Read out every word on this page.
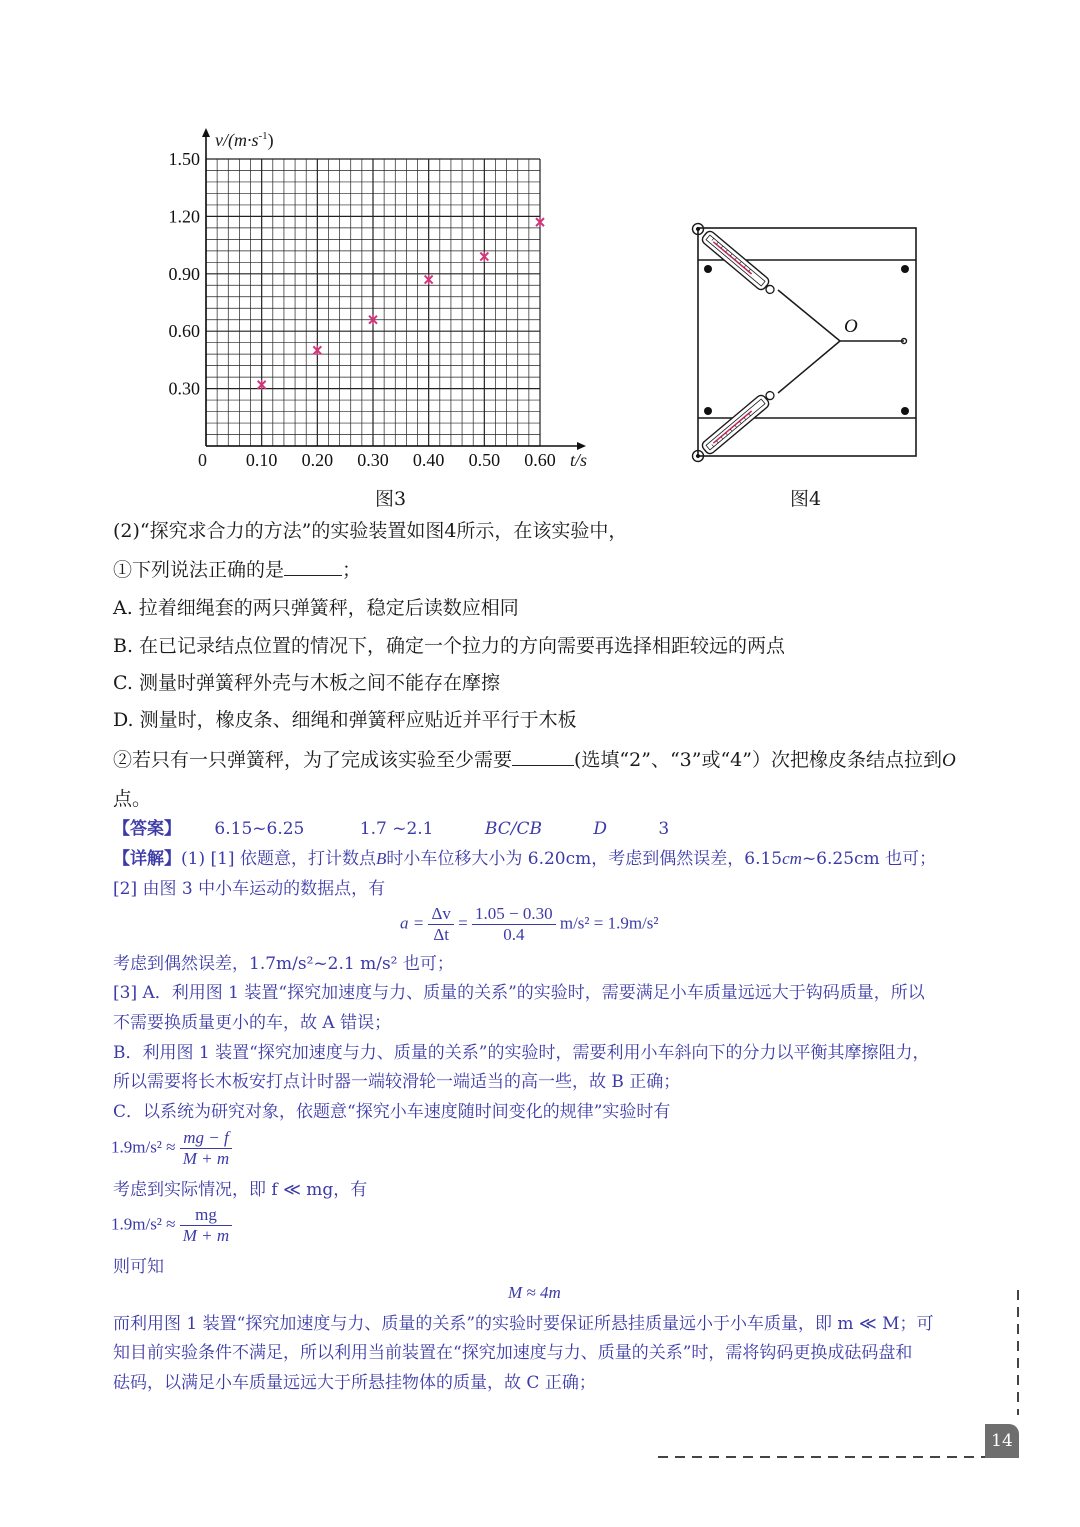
0.10 0.20 0.30 0.40 0.50 0.60
0.30
0.60
0.90
1.20
1.50
$v/(m\cdot s^{-1})$
t/s
0
图3
O
图4
(2)“探究求合力的方法”的实验装置如图4所示，在该实验中，
①下列说法正确的是	；
A. 拉着细绳套的两只弹簧秤，稳定后读数应相同
B. 在已记录结点位置的情况下，确定一个拉力的方向需要再选择相距较远的两点
C. 测量时弹簧秤外壳与木板之间不能存在摩擦
D. 测量时，橡皮条、细绳和弹簧秤应贴近并平行于木板
②若只有一只弹簧秤，为了完成该实验至少需要	(选填“2”、“3”或“4”）次把橡皮条结点拉到O
点。
【答案】 6.15~6.25	1.7 ~2.1	BC/CB	D	3
【详解】(1) [1] 依题意，打计数点B时小车位移大小为 6.20cm，考虑到偶然误差，6.15cm~6.25cm 也可；
[2] 由图 3 中小车运动的数据点，有
$a = \frac{\Delta v}{\Delta t} = \frac{1.05 - 0.30}{0.4} m/s^2 = 1.9m/s^2$
考虑到偶然误差，1.7m/s²~2.1 m/s² 也可；
[3] A．利用图 1 装置“探究加速度与力、质量的关系”的实验时，需要满足小车质量远远大于钩码质量，所以
不需要换质量更小的车，故 A 错误；
B．利用图 1 装置“探究加速度与力、质量的关系”的实验时，需要利用小车斜向下的分力以平衡其摩擦阻力，
所以需要将长木板安打点计时器一端较滑轮一端适当的高一些，故 B 正确；
C．以系统为研究对象，依题意“探究小车速度随时间变化的规律”实验时有
$1.9m/s^2 \approx \frac{mg - f}{M + m}$
考虑到实际情况，即 f ≪ mg，有
$1.9m/s^2 \approx \frac{mg}{M + m}$
则可知
M ≈ 4m
而利用图 1 装置“探究加速度与力、质量的关系”的实验时要保证所悬挂质量远小于小车质量，即 m ≪ M；可
知目前实验条件不满足，所以利用当前装置在“探究加速度与力、质量的关系”时，需将钩码更换成砝码盘和
砝码，以满足小车质量远远大于所悬挂物体的质量，故 C 正确；
14
